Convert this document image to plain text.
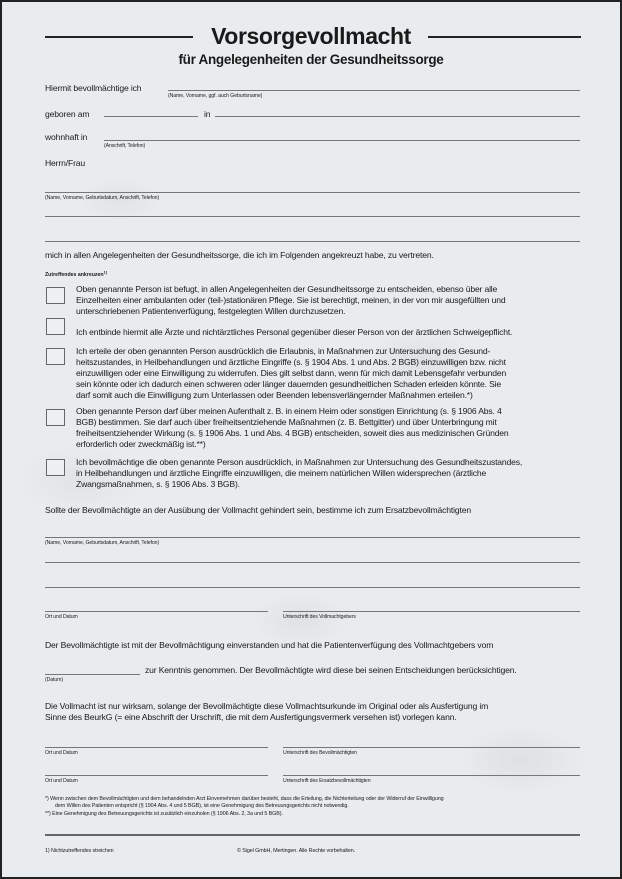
Vorsorgevollmacht
für Angelegenheiten der Gesundheitssorge
Hiermit bevollmächtige ich
(Name, Vorname, ggf. auch Geburtsname)
geboren am	in
wohnhaft in
(Anschrift, Telefon)
Herrn/Frau
(Name, Vorname, Geburtsdatum, Anschrift, Telefon)
mich in allen Angelegenheiten der Gesundheitssorge, die ich im Folgenden angekreuzt habe, zu vertreten.
Zutreffendes ankreuzen$^{1)}$
Oben genannte Person ist befugt, in allen Angelegenheiten der Gesundheitssorge zu entscheiden, ebenso über alle
Einzelheiten einer ambulanten oder (teil-)stationären Pflege. Sie ist berechtigt, meinen, in der von mir ausgefüllten und
unterschriebenen Patientenverfügung, festgelegten Willen durchzusetzen.
Ich entbinde hiermit alle Ärzte und nichtärztliches Personal gegenüber dieser Person von der ärztlichen Schweigepflicht.
Ich erteile der oben genannten Person ausdrücklich die Erlaubnis, in Maßnahmen zur Untersuchung des Gesund-
heitszustandes, in Heilbehandlungen und ärztliche Eingriffe (s. § 1904 Abs. 1 und Abs. 2 BGB) einzuwilligen bzw. nicht
einzuwilligen oder eine Einwilligung zu widerrufen. Dies gilt selbst dann, wenn für mich damit Lebensgefahr verbunden
sein könnte oder ich dadurch einen schweren oder länger dauernden gesundheitlichen Schaden erleiden könnte. Sie
darf somit auch die Einwilligung zum Unterlassen oder Beenden lebensverlängernder Maßnahmen erteilen.*)
Oben genannte Person darf über meinen Aufenthalt z. B. in einem Heim oder sonstigen Einrichtung (s. § 1906 Abs. 4
BGB) bestimmen. Sie darf auch über freiheitsentziehende Maßnahmen (z. B. Bettgitter) und über Unterbringung mit
freiheitsentziehender Wirkung (s. § 1906 Abs. 1 und Abs. 4 BGB) entscheiden, soweit dies aus medizinischen Gründen
erforderlich oder zweckmäßig ist.**)
Ich bevollmächtige die oben genannte Person ausdrücklich, in Maßnahmen zur Untersuchung des Gesundheitszustandes,
in Heilbehandlungen und ärztliche Eingriffe einzuwilligen, die meinem natürlichen Willen widersprechen (ärztliche
Zwangsmaßnahmen, s. § 1906 Abs. 3 BGB).
Sollte der Bevollmächtigte an der Ausübung der Vollmacht gehindert sein, bestimme ich zum Ersatzbevollmächtigten
(Name, Vorname, Geburtsdatum, Anschrift, Telefon)
Ort und Datum	Unterschrift des Vollmachtgebers
Der Bevollmächtigte ist mit der Bevollmächtigung einverstanden und hat die Patientenverfügung des Vollmachtgebers vom
zur Kenntnis genommen. Der Bevollmächtigte wird diese bei seinen Entscheidungen berücksichtigen.
(Datum)
Die Vollmacht ist nur wirksam, solange der Bevollmächtigte diese Vollmachtsurkunde im Original oder als Ausfertigung im
Sinne des BeurkG (= eine Abschrift der Urschrift, die mit dem Ausfertigungsvermerk versehen ist) vorlegen kann.
Ort und Datum	Unterschrift des Bevollmächtigten
Ort und Datum	Unterschrift des Ersatzbevollmächtigten
*) Wenn zwischen dem Bevollmächtigten und dem behandelnden Arzt Einvernehmen darüber besteht, dass die Erteilung, die Nichterteilung oder der Widerruf der Einwilligung
dem Willen des Patienten entspricht (§ 1904 Abs. 4 und 5 BGB), ist eine Genehmigung des Betreuungsgerichts nicht notwendig.
**) Eine Genehmigung des Betreuungsgerichts ist zusätzlich einzuholen (§ 1906 Abs. 2, 3a und 5 BGB).
1) Nichtzutreffendes streichen	© Sigel GmbH, Mertingen. Alle Rechte vorbehalten.
